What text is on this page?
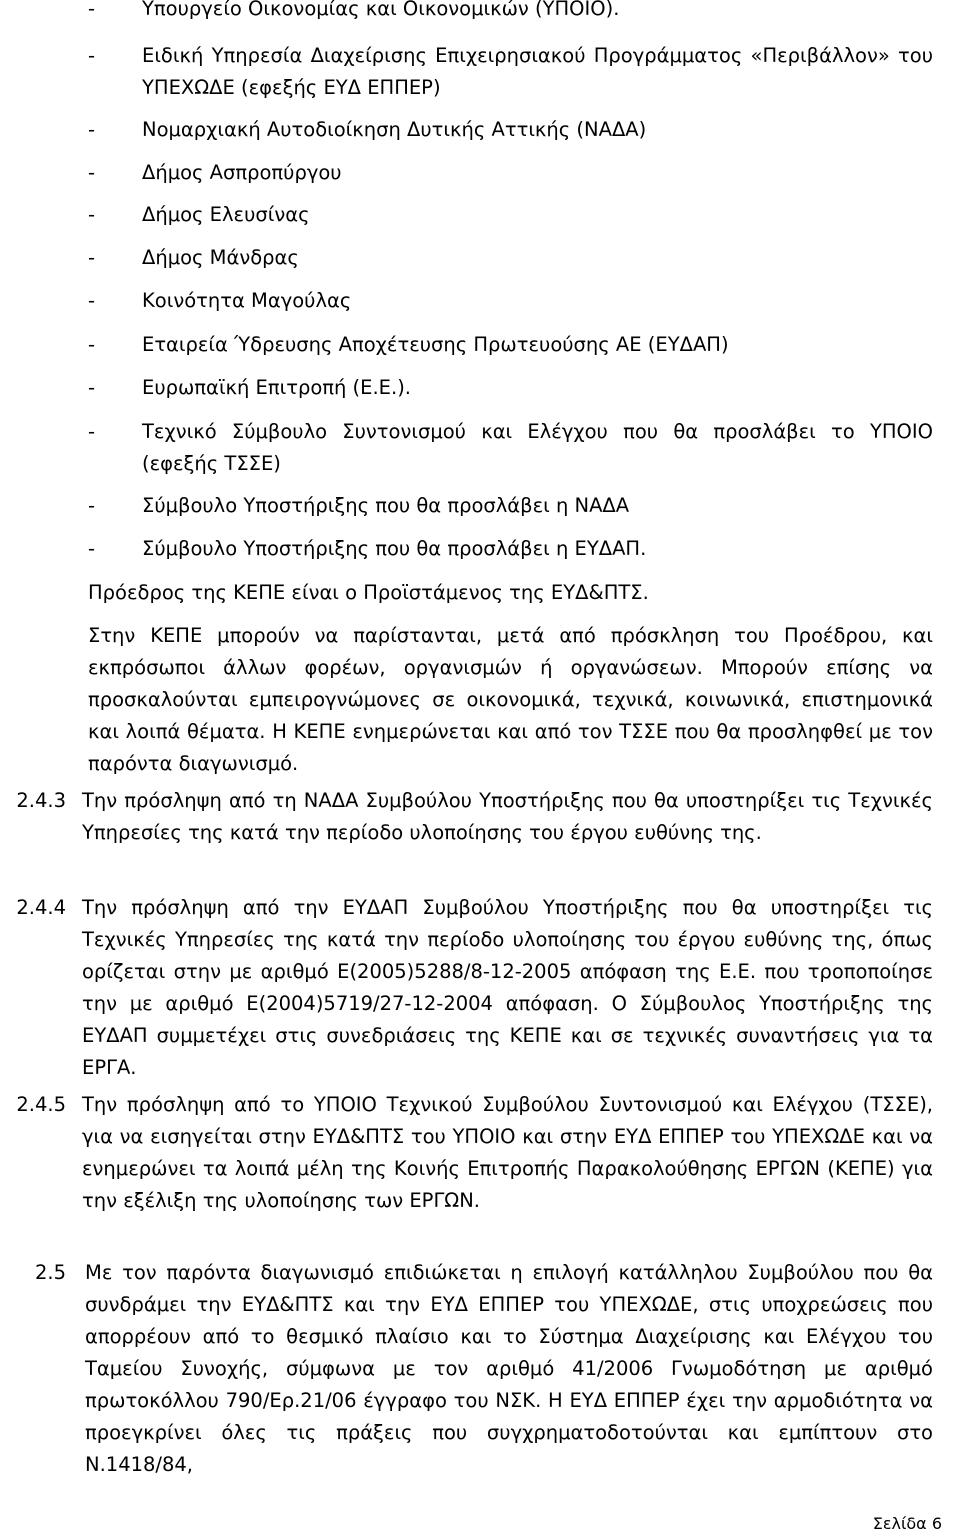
- Υπουργείο Οικονομίας και Οικονομικών (ΥΠΟΙΟ).
- Ειδική Υπηρεσία Διαχείρισης Επιχειρησιακού Προγράμματος «Περιβάλλον» του ΥΠΕΧΩΔΕ (εφεξής ΕΥΔ ΕΠΠΕΡ)
- Νομαρχιακή Αυτοδιοίκηση Δυτικής Αττικής (ΝΑΔΑ)
- Δήμος Ασπροπύργου
- Δήμος Ελευσίνας
- Δήμος Μάνδρας
- Κοινότητα Μαγούλας
- Εταιρεία Ύδρευσης Αποχέτευσης Πρωτευούσης ΑΕ (ΕΥΔΑΠ)
- Ευρωπαϊκή Επιτροπή (Ε.Ε.).
- Τεχνικό Σύμβουλο Συντονισμού και Ελέγχου που θα προσλάβει το ΥΠΟΙΟ (εφεξής ΤΣΣΕ)
- Σύμβουλο Υποστήριξης που θα προσλάβει η ΝΑΔΑ
- Σύμβουλο Υποστήριξης που θα προσλάβει η ΕΥΔΑΠ.
Πρόεδρος της ΚΕΠΕ είναι ο Προϊστάμενος της ΕΥΔ&ΠΤΣ.
Στην ΚΕΠΕ μπορούν να παρίστανται, μετά από πρόσκληση του Προέδρου, και εκπρόσωποι άλλων φορέων, οργανισμών ή οργανώσεων. Μπορούν επίσης να προσκαλούνται εμπειρογνώμονες σε οικονομικά, τεχνικά, κοινωνικά, επιστημονικά και λοιπά θέματα. Η ΚΕΠΕ ενημερώνεται και από τον ΤΣΣΕ που θα προσληφθεί με τον παρόντα διαγωνισμό.
2.4.3 Την πρόσληψη από τη ΝΑΔΑ Συμβούλου Υποστήριξης που θα υποστηρίξει τις Τεχνικές Υπηρεσίες της κατά την περίοδο υλοποίησης του έργου ευθύνης της.
2.4.4 Την πρόσληψη από την ΕΥΔΑΠ Συμβούλου Υποστήριξης που θα υποστηρίξει τις Τεχνικές Υπηρεσίες της κατά την περίοδο υλοποίησης του έργου ευθύνης της, όπως ορίζεται στην με αριθμό Ε(2005)5288/8-12-2005 απόφαση της Ε.Ε. που τροποποίησε την με αριθμό Ε(2004)5719/27-12-2004 απόφαση. Ο Σύμβουλος Υποστήριξης της ΕΥΔΑΠ συμμετέχει στις συνεδριάσεις της ΚΕΠΕ και σε τεχνικές συναντήσεις για τα ΕΡΓΑ.
2.4.5 Την πρόσληψη από το ΥΠΟΙΟ Τεχνικού Συμβούλου Συντονισμού και Ελέγχου (ΤΣΣΕ), για να εισηγείται στην ΕΥΔ&ΠΤΣ του ΥΠΟΙΟ και στην ΕΥΔ ΕΠΠΕΡ του ΥΠΕΧΩΔΕ και να ενημερώνει τα λοιπά μέλη της Κοινής Επιτροπής Παρακολούθησης ΕΡΓΩΝ (ΚΕΠΕ) για την εξέλιξη της υλοποίησης των ΕΡΓΩΝ.
2.5 Με τον παρόντα διαγωνισμό επιδιώκεται η επιλογή κατάλληλου Συμβούλου που θα συνδράμει την ΕΥΔ&ΠΤΣ και την ΕΥΔ ΕΠΠΕΡ του ΥΠΕΧΩΔΕ, στις υποχρεώσεις που απορρέουν από το θεσμικό πλαίσιο και το Σύστημα Διαχείρισης και Ελέγχου του Ταμείου Συνοχής, σύμφωνα με τον αριθμό 41/2006 Γνωμοδότηση με αριθμό πρωτοκόλλου 790/Ερ.21/06 έγγραφο του ΝΣΚ. Η ΕΥΔ ΕΠΠΕΡ έχει την αρμοδιότητα να προεγκρίνει όλες τις πράξεις που συγχρηματοδοτούνται και εμπίπτουν στο Ν.1418/84,
Σελίδα 6
